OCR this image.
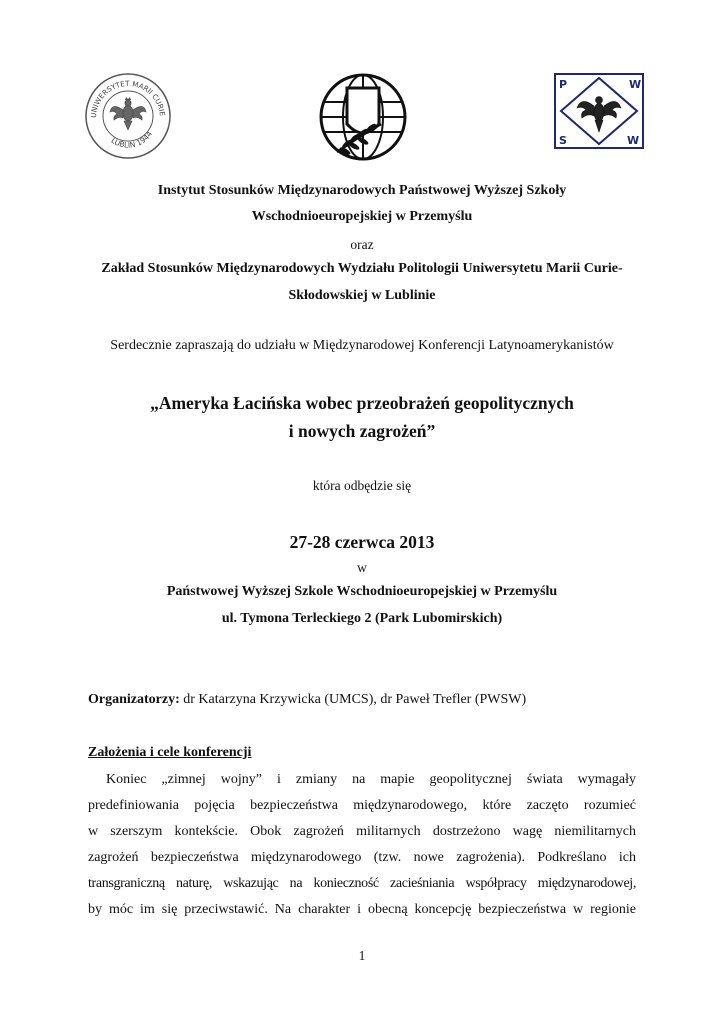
UNIWERSYTET MARII CURIE
LUBLIN 1944
P	W
S	W
Instytut Stosunków Międzynarodowych Państwowej Wyższej Szkoły
Wschodnioeuropejskiej w Przemyślu
oraz
Zakład Stosunków Międzynarodowych Wydziału Politologii Uniwersytetu Marii Curie-
Skłodowskiej w Lublinie
Serdecznie zapraszają do udziału w Międzynarodowej Konferencji Latynoamerykanistów
„Ameryka Łacińska wobec przeobrażeń geopolitycznych
i nowych zagrożeń”
która odbędzie się
27-28 czerwca 2013
w
Państwowej Wyższej Szkole Wschodnioeuropejskiej w Przemyślu
ul. Tymona Terleckiego 2 (Park Lubomirskich)
Organizatorzy: dr Katarzyna Krzywicka (UMCS), dr Paweł Trefler (PWSW)
Założenia i cele konferencji
Koniec „zimnej wojny” i zmiany na mapie geopolitycznej świata wymagały
predefiniowania pojęcia bezpieczeństwa międzynarodowego, które zaczęto rozumieć
w szerszym kontekście. Obok zagrożeń militarnych dostrzeżono wagę niemilitarnych
zagrożeń bezpieczeństwa międzynarodowego (tzw. nowe zagrożenia). Podkreślano ich
transgraniczną naturę, wskazując na konieczność zacieśniania współpracy międzynarodowej,
by móc im się przeciwstawić. Na charakter i obecną koncepcję bezpieczeństwa w regionie
1
